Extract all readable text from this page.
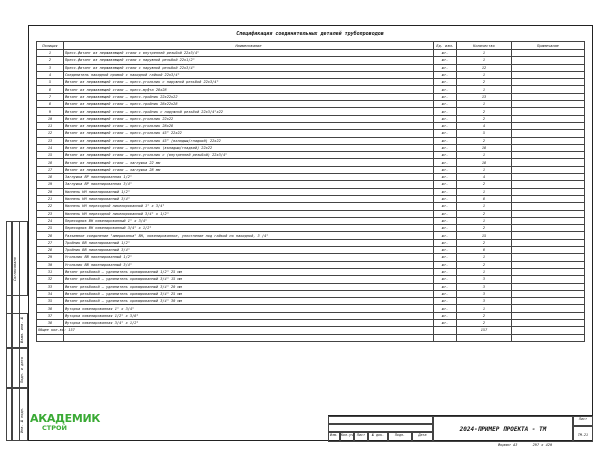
Спецификация соединительных деталей трубопроводов
Позиция	Наименование	Ед. изм.	Количество	Примечание
1	Пресс-фитинг из нержавеющей стали с внутренней резьбой 22х3/4"	шт.	1	
2	Пресс-фитинг из нержавеющей стали с наружной резьбой 22х1/2"	шт.	1	
3	Пресс-фитинг из нержавеющей стали с наружной резьбой 22х3/4"	шт.	12	
4	Соединитель накидной прямой с накидной гайкой 22х3/4"	шт.	1	
5	Фитинг из нержавеющей стали – пресс-угольник с наружной резьбой 22х3/4"	шт.	2	
6	Фитинг из нержавеющей стали – пресс-муфта 28х28	шт.	1	
7	Фитинг из нержавеющей стали – пресс-тройник 22х22х22	шт.	13	
8	Фитинг из нержавеющей стали – пресс-тройник 28х22х28	шт.	1	
9	Фитинг из нержавеющей стали – пресс-тройник с наружной резьбой 22х3/4"х22	шт.	2	
10	Фитинг из нержавеющей стали – пресс-угольник 22х22	шт.	2	
11	Фитинг из нержавеющей стали – пресс-угольник 28х28	шт.	4	
12	Фитинг из нержавеющей стали – пресс-угольник 45° 22х22	шт.	5	
13	Фитинг из нержавеющей стали – пресс-угольник 45° (вкладыш/гладкий) 22х22	шт.	2	
14	Фитинг из нержавеющей стали – пресс-угольник (вкладыш/гладкий) 22х22	шт.	18	
15	Фитинг из нержавеющей стали – пресс-угольник с (внутренней резьбой) 22х3/4"	шт.	1	
16	Фитинг из нержавеющей стали – заглушка 22 мм	шт.	18	
17	Фитинг из нержавеющей стали – заглушка 28 мм	шт.	1	
18	Заглушка ВР никелированная 1/2"	шт.	4	
19	Заглушка ВР никелированная 3/4"	шт.	2	
20	Ниппель НН никелированный 1/2"	шт.	1	
21	Ниппель НН никелированный 3/4"	шт.	8	
22	Ниппель НН переходной никелированный 1" х 3/4"	шт.	1	
23	Ниппель НН переходной никелированный 3/4" х 1/2"	шт.	2	
24	Переходник ВН никелированный 1" х 3/4"	шт.	1	
25	Переходник ВН никелированный 3/4" х 1/2"	шт.	2	
26	Разъемное соединение "американка" ВН, никелированное, уплотнение под гайкой по накидной, 3 /4"	шт.	15	
27	Тройник ВВ никелированный 1/2"	шт.	2	
28	Тройник ВВ никелированный 3/4"	шт.	6	
29	Угольник ВВ никелированный 1/2"	шт.	1	
30	Угольник ВВ никелированный 3/4"	шт.	2	
31	Фитинг резьбовой – удлинитель хромированный 1/2" 25 мм	шт.	1	
32	Фитинг резьбовой – удлинитель хромированный 3/4" 15 мм	шт.	3	
33	Фитинг резьбовой – удлинитель хромированный 3/4" 20 мм	шт.	3	
34	Фитинг резьбовой – удлинитель хромированный 3/4" 25 мм	шт.	3	
35	Фитинг резьбовой – удлинитель хромированный 3/4" 30 мм	шт.	3	
36	Футорка никелированная 1" х 3/4"	шт.	1	
37	Футорка никелированная 1/2" х 3/8"	шт.	2	
38	Футорка никелированная 3/4" х 1/2"	шт.	2	
Общее кол-во: 157			157	

Согласовано
Взам. инв. №
Подп. и дата
Инв. № подл. АКАДЕМИК
СТРОЙ
Изм. Кол.уч	Лист	№ док.	Подп.	Дата
2024-ПРИМЕР ПРОЕКТА - ТМ
Лист
ТМ-21
Формат А3	297 х 420
